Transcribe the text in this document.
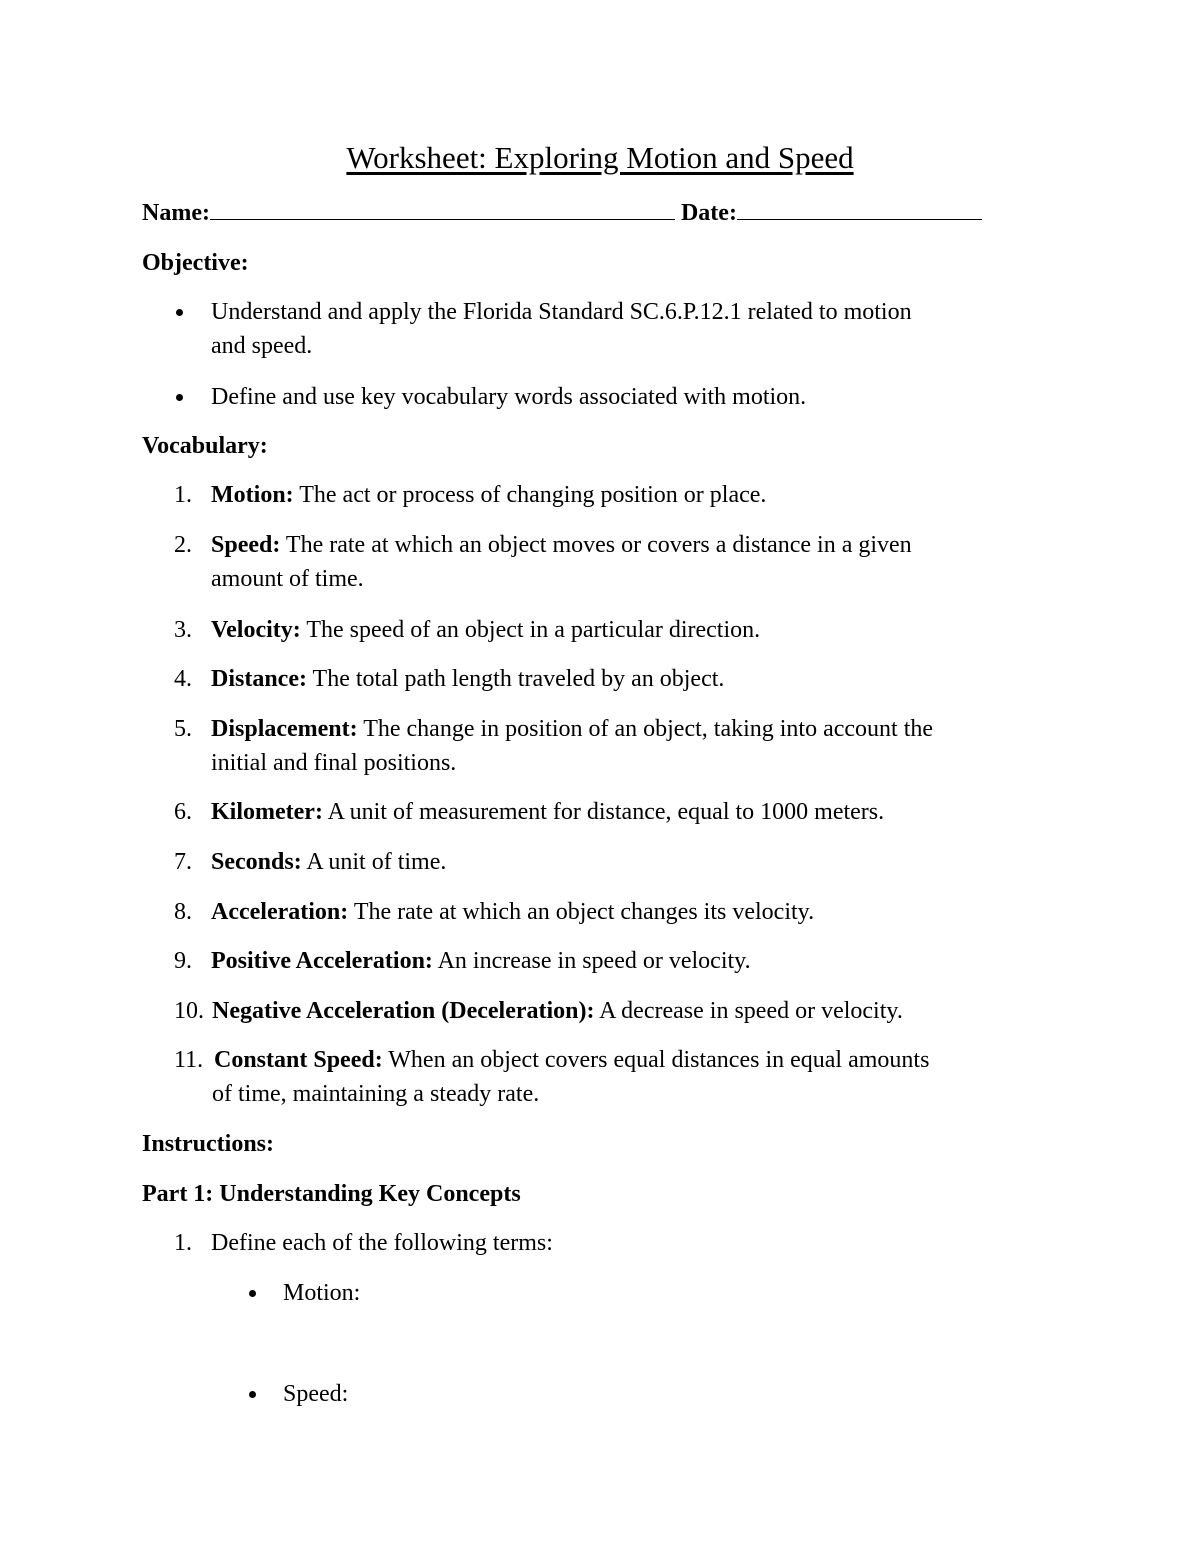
Worksheet: Exploring Motion and Speed
Name:	Date:
Objective:
Understand and apply the Florida Standard SC.6.P.12.1 related to motion
and speed.
Define and use key vocabulary words associated with motion.
Vocabulary:
1. Motion: The act or process of changing position or place.
2. Speed: The rate at which an object moves or covers a distance in a given
amount of time.
3. Velocity: The speed of an object in a particular direction.
4. Distance: The total path length traveled by an object.
5. Displacement: The change in position of an object, taking into account the
initial and final positions.
6. Kilometer: A unit of measurement for distance, equal to 1000 meters.
7. Seconds: A unit of time.
8. Acceleration: The rate at which an object changes its velocity.
9. Positive Acceleration: An increase in speed or velocity.
10. Negative Acceleration (Deceleration): A decrease in speed or velocity.
11. Constant Speed: When an object covers equal distances in equal amounts
of time, maintaining a steady rate.
Instructions:
Part 1: Understanding Key Concepts
1. Define each of the following terms:
Motion:
Speed:
